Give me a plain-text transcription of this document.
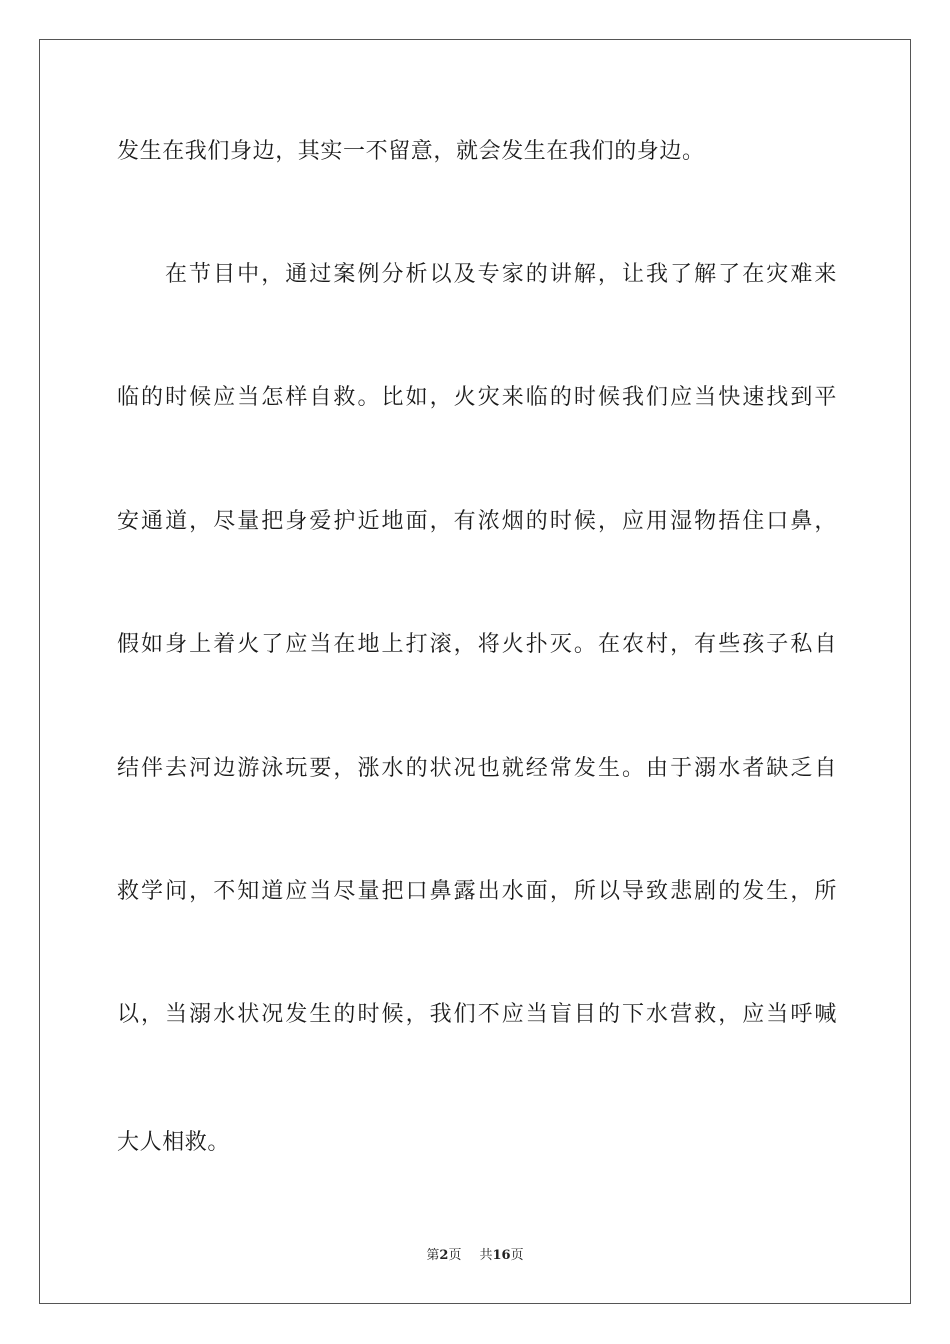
发生在我们身边，其实一不留意，就会发生在我们的身边。
在节目中，通过案例分析以及专家的讲解，让我了解了在灾难来
临的时候应当怎样自救。比如，火灾来临的时候我们应当快速找到平
安通道，尽量把身爱护近地面，有浓烟的时候，应用湿物捂住口鼻，
假如身上着火了应当在地上打滚，将火扑灭。在农村，有些孩子私自
结伴去河边游泳玩要，涨水的状况也就经常发生。由于溺水者缺乏自
救学问，不知道应当尽量把口鼻露出水面，所以导致悲剧的发生，所
以，当溺水状况发生的时候，我们不应当盲目的下水营救，应当呼喊
大人相救。
第2页 共16页
